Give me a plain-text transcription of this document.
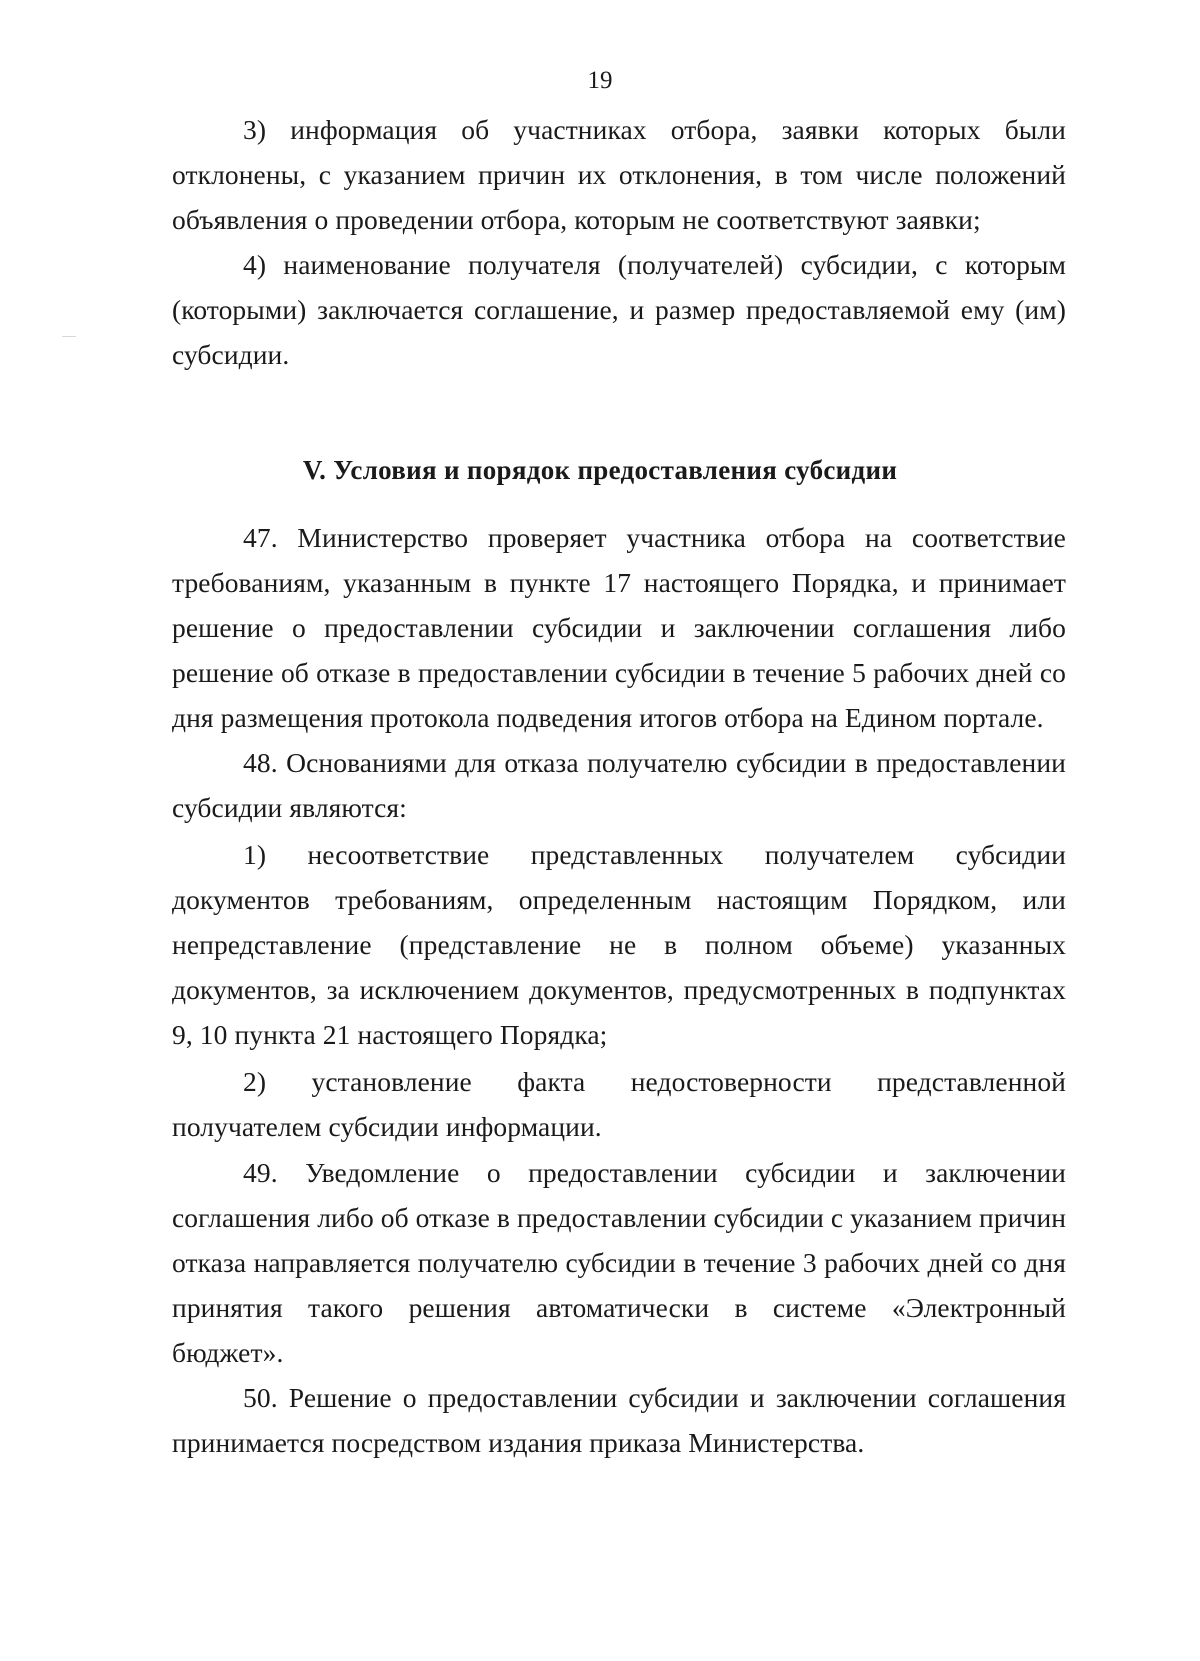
19
3) информация об участниках отбора, заявки которых были
отклонены, с указанием причин их отклонения, в том числе положений
объявления о проведении отбора, которым не соответствуют заявки;
4) наименование получателя (получателей) субсидии, с которым
(которыми) заключается соглашение, и размер предоставляемой ему (им)
субсидии.
V. Условия и порядок предоставления субсидии
47. Министерство проверяет участника отбора на соответствие
требованиям, указанным в пункте 17 настоящего Порядка, и принимает
решение о предоставлении субсидии и заключении соглашения либо
решение об отказе в предоставлении субсидии в течение 5 рабочих дней со
дня размещения протокола подведения итогов отбора на Едином портале.
48. Основаниями для отказа получателю субсидии в предоставлении
субсидии являются:
1) несоответствие представленных получателем субсидии
документов требованиям, определенным настоящим Порядком, или
непредставление (представление не в полном объеме) указанных
документов, за исключением документов, предусмотренных в подпунктах
9, 10 пункта 21 настоящего Порядка;
2) установление факта недостоверности представленной
получателем субсидии информации.
49. Уведомление о предоставлении субсидии и заключении
соглашения либо об отказе в предоставлении субсидии с указанием причин
отказа направляется получателю субсидии в течение 3 рабочих дней со дня
принятия такого решения автоматически в системе «Электронный
бюджет».
50. Решение о предоставлении субсидии и заключении соглашения
принимается посредством издания приказа Министерства.
